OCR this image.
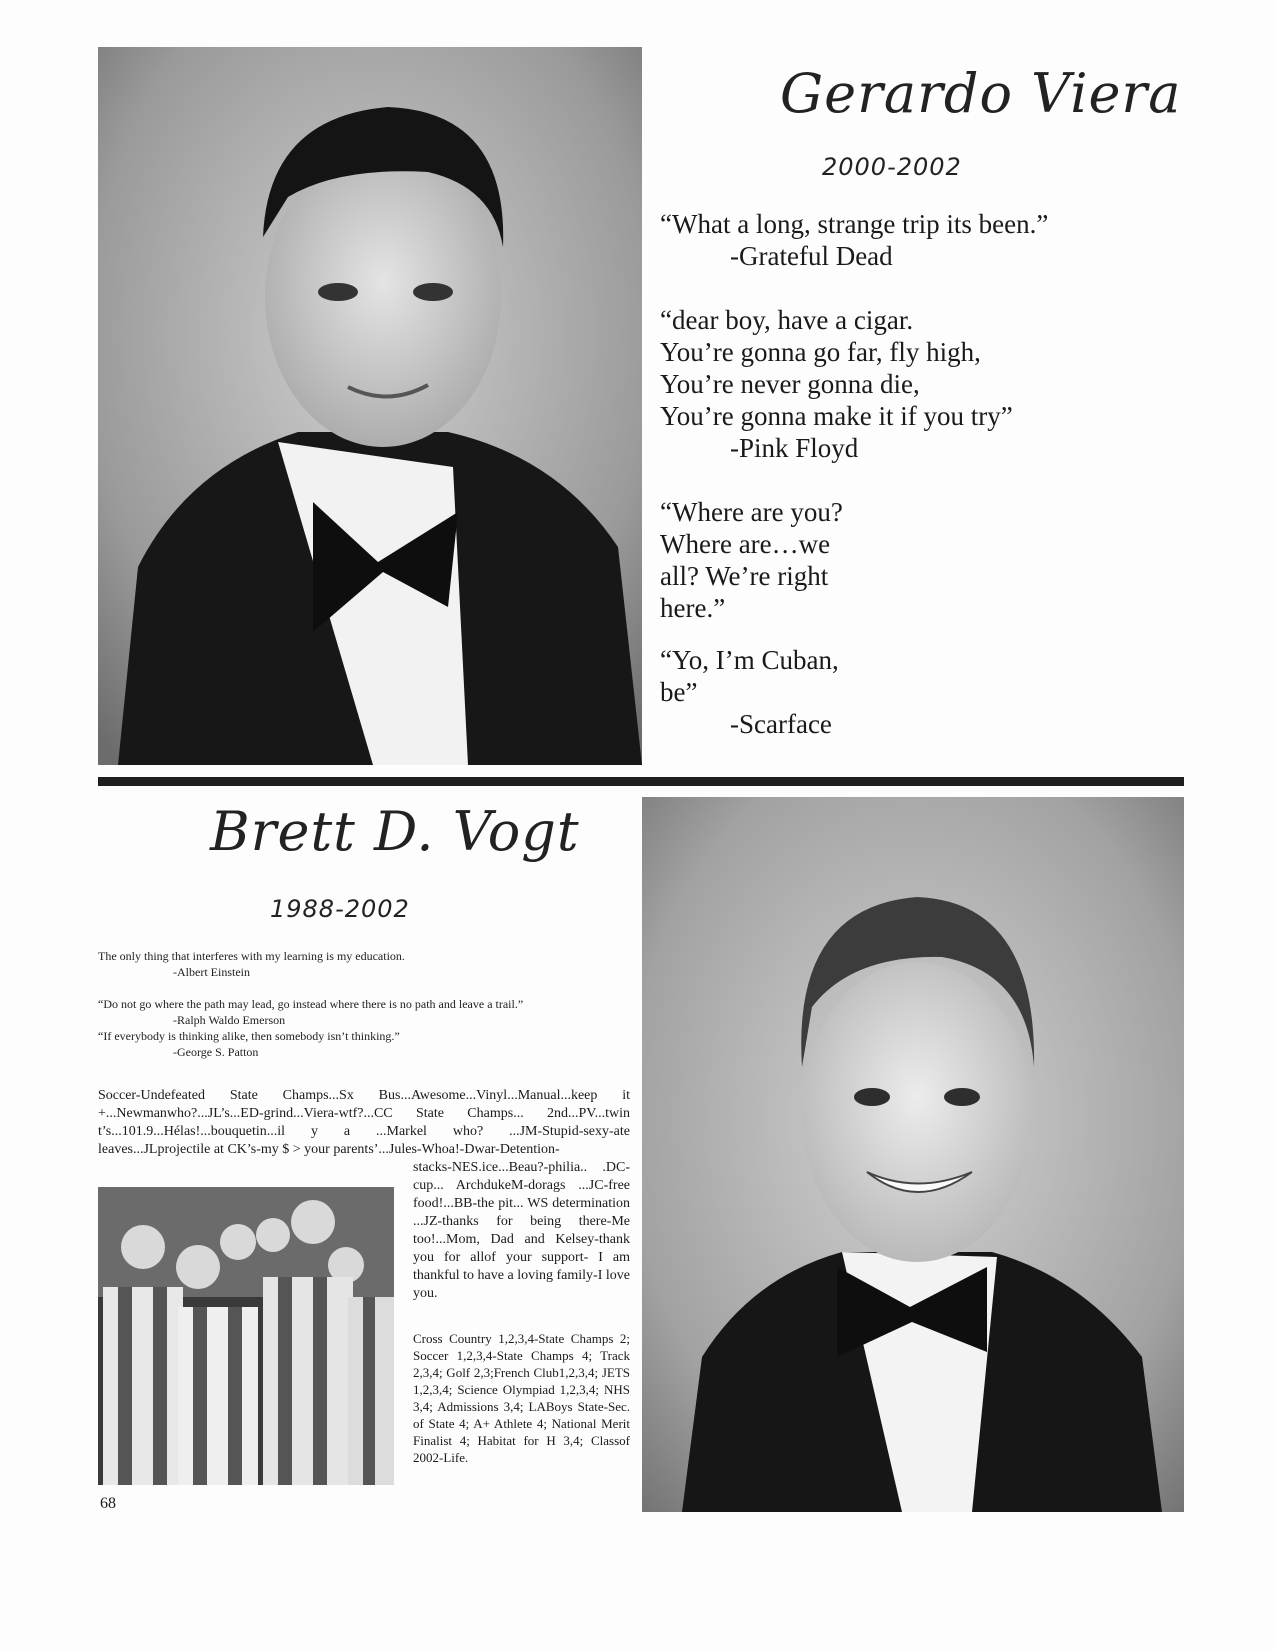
Gerardo Viera
2000-2002
“What a long, strange trip its been.”
-Grateful Dead
“dear boy, have a cigar.
You’re gonna go far, fly high,
You’re never gonna die,
You’re gonna make it if you try”
-Pink Floyd
“Where are you?
Where are…we
all? We’re right
here.”
“Yo, I’m Cuban,
be”
-Scarface
Brett D. Vogt
1988-2002
The only thing that interferes with my learning is my education.
-Albert Einstein
“Do not go where the path may lead, go instead where there is no path and leave a trail.”
-Ralph Waldo Emerson
“If everybody is thinking alike, then somebody isn’t thinking.”
-George S. Patton

Soccer-Undefeated State Champs...Sx Bus...Awesome...Vinyl...Manual...keep it +...Newmanwho?...JL’s...ED-grind...Viera-wtf?...CC State Champs... 2nd...PV...twin t’s...101.9...Hélas!...bouquetin...il y a ...Markel who? ...JM-Stupid-sexy-ate leaves...JLprojectile at CK’s-my $ > your parents’...Jules-Whoa!-Dwar-Detention-

stacks-NES.ice...Beau?-philia.. .DC-cup... ArchdukeM-dorags ...JC-free food!...BB-the pit... WS determination ...JZ-thanks for being there-Me too!...Mom, Dad and Kelsey-thank you for allof your support- I am thankful to have a loving family-I love you.

Cross Country 1,2,3,4-State Champs 2; Soccer 1,2,3,4-State Champs 4; Track 2,3,4; Golf 2,3;French Club1,2,3,4; JETS 1,2,3,4; Science Olympiad 1,2,3,4; NHS 3,4; Admissions 3,4; LABoys State-Sec. of State 4; A+ Athlete 4; National Merit Finalist 4; Habitat for H 3,4; Classof 2002-Life.

68
